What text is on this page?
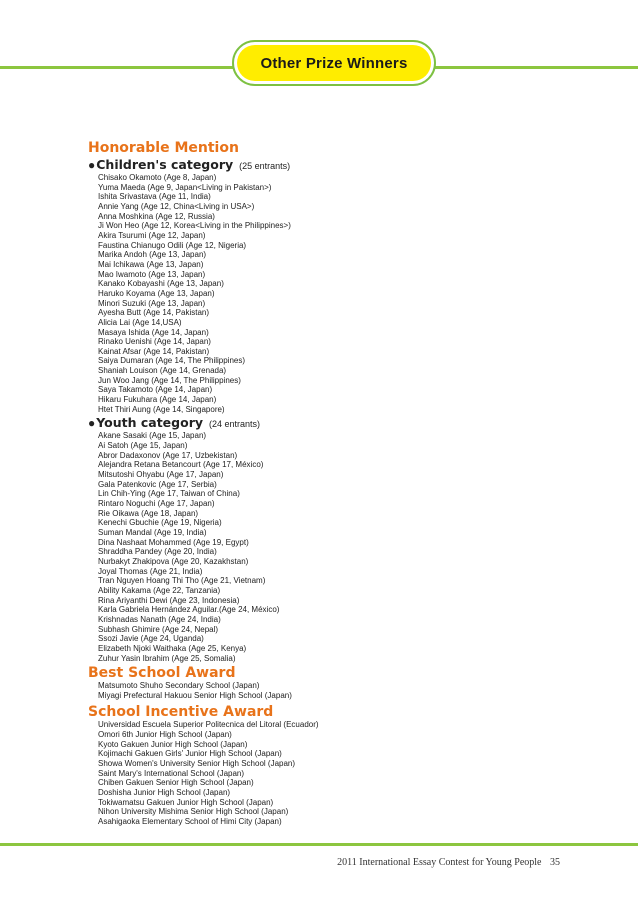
Other Prize Winners
Honorable Mention
● Children's category (25 entrants)
Chisako Okamoto (Age 8, Japan)
Yuma Maeda (Age 9, Japan<Living in Pakistan>)
Ishita Srivastava (Age 11, India)
Annie Yang (Age 12, China<Living in USA>)
Anna Moshkina (Age 12, Russia)
Ji Won Heo (Age 12, Korea<Living in the Philippines>)
Akira Tsurumi (Age 12, Japan)
Faustina Chianugo Odili (Age 12, Nigeria)
Marika Andoh (Age 13, Japan)
Mai Ichikawa (Age 13, Japan)
Mao Iwamoto (Age 13, Japan)
Kanako Kobayashi (Age 13, Japan)
Haruko Koyama (Age 13, Japan)
Minori Suzuki (Age 13, Japan)
Ayesha Butt (Age 14, Pakistan)
Alicia Lai (Age 14,USA)
Masaya Ishida (Age 14, Japan)
Rinako Uenishi (Age 14, Japan)
Kainat Afsar (Age 14, Pakistan)
Saiya Dumaran (Age 14, The Philippines)
Shaniah Louison (Age 14, Grenada)
Jun Woo Jang (Age 14, The Philippines)
Saya Takamoto (Age 14, Japan)
Hikaru Fukuhara (Age 14, Japan)
Htet Thiri Aung (Age 14, Singapore)
● Youth category (24 entrants)
Akane Sasaki (Age 15, Japan)
Ai Satoh (Age 15, Japan)
Abror Dadaxonov (Age 17, Uzbekistan)
Alejandra Retana Betancourt (Age 17, México)
Mitsutoshi Ohyabu (Age 17, Japan)
Gala Patenkovic (Age 17, Serbia)
Lin Chih-Ying (Age 17, Taiwan of China)
Rintaro Noguchi (Age 17, Japan)
Rie Oikawa (Age 18, Japan)
Kenechi Gbuchie (Age 19, Nigeria)
Suman Mandal (Age 19, India)
Dina Nashaat Mohammed (Age 19, Egypt)
Shraddha Pandey (Age 20, India)
Nurbakyt Zhakipova (Age 20, Kazakhstan)
Joyal Thomas (Age 21, India)
Tran Nguyen Hoang Thi Tho (Age 21, Vietnam)
Ability Kakama (Age 22, Tanzania)
Rina Ariyanthi Dewi (Age 23, Indonesia)
Karla Gabriela Hernández Aguilar.(Age 24, México)
Krishnadas Nanath (Age 24, India)
Subhash Ghimire (Age 24, Nepal)
Ssozi Javie (Age 24, Uganda)
Elizabeth Njoki Waithaka (Age 25, Kenya)
Zuhur Yasin Ibrahim (Age 25, Somalia)
Best School Award
Matsumoto Shuho Secondary School (Japan)
Miyagi Prefectural Hakuou Senior High School (Japan)
School Incentive Award
Universidad Escuela Superior Politecnica del Litoral (Ecuador)
Omori 6th Junior High School (Japan)
Kyoto Gakuen Junior High School (Japan)
Kojimachi Gakuen Girls' Junior High School (Japan)
Showa Women's University Senior High School (Japan)
Saint Mary's International School (Japan)
Chiben Gakuen Senior High School (Japan)
Doshisha Junior High School (Japan)
Tokiwamatsu Gakuen Junior High School (Japan)
Nihon University Mishima Senior High School (Japan)
Asahigaoka Elementary School of Himi City (Japan)
2011 International Essay Contest for Young People 35
